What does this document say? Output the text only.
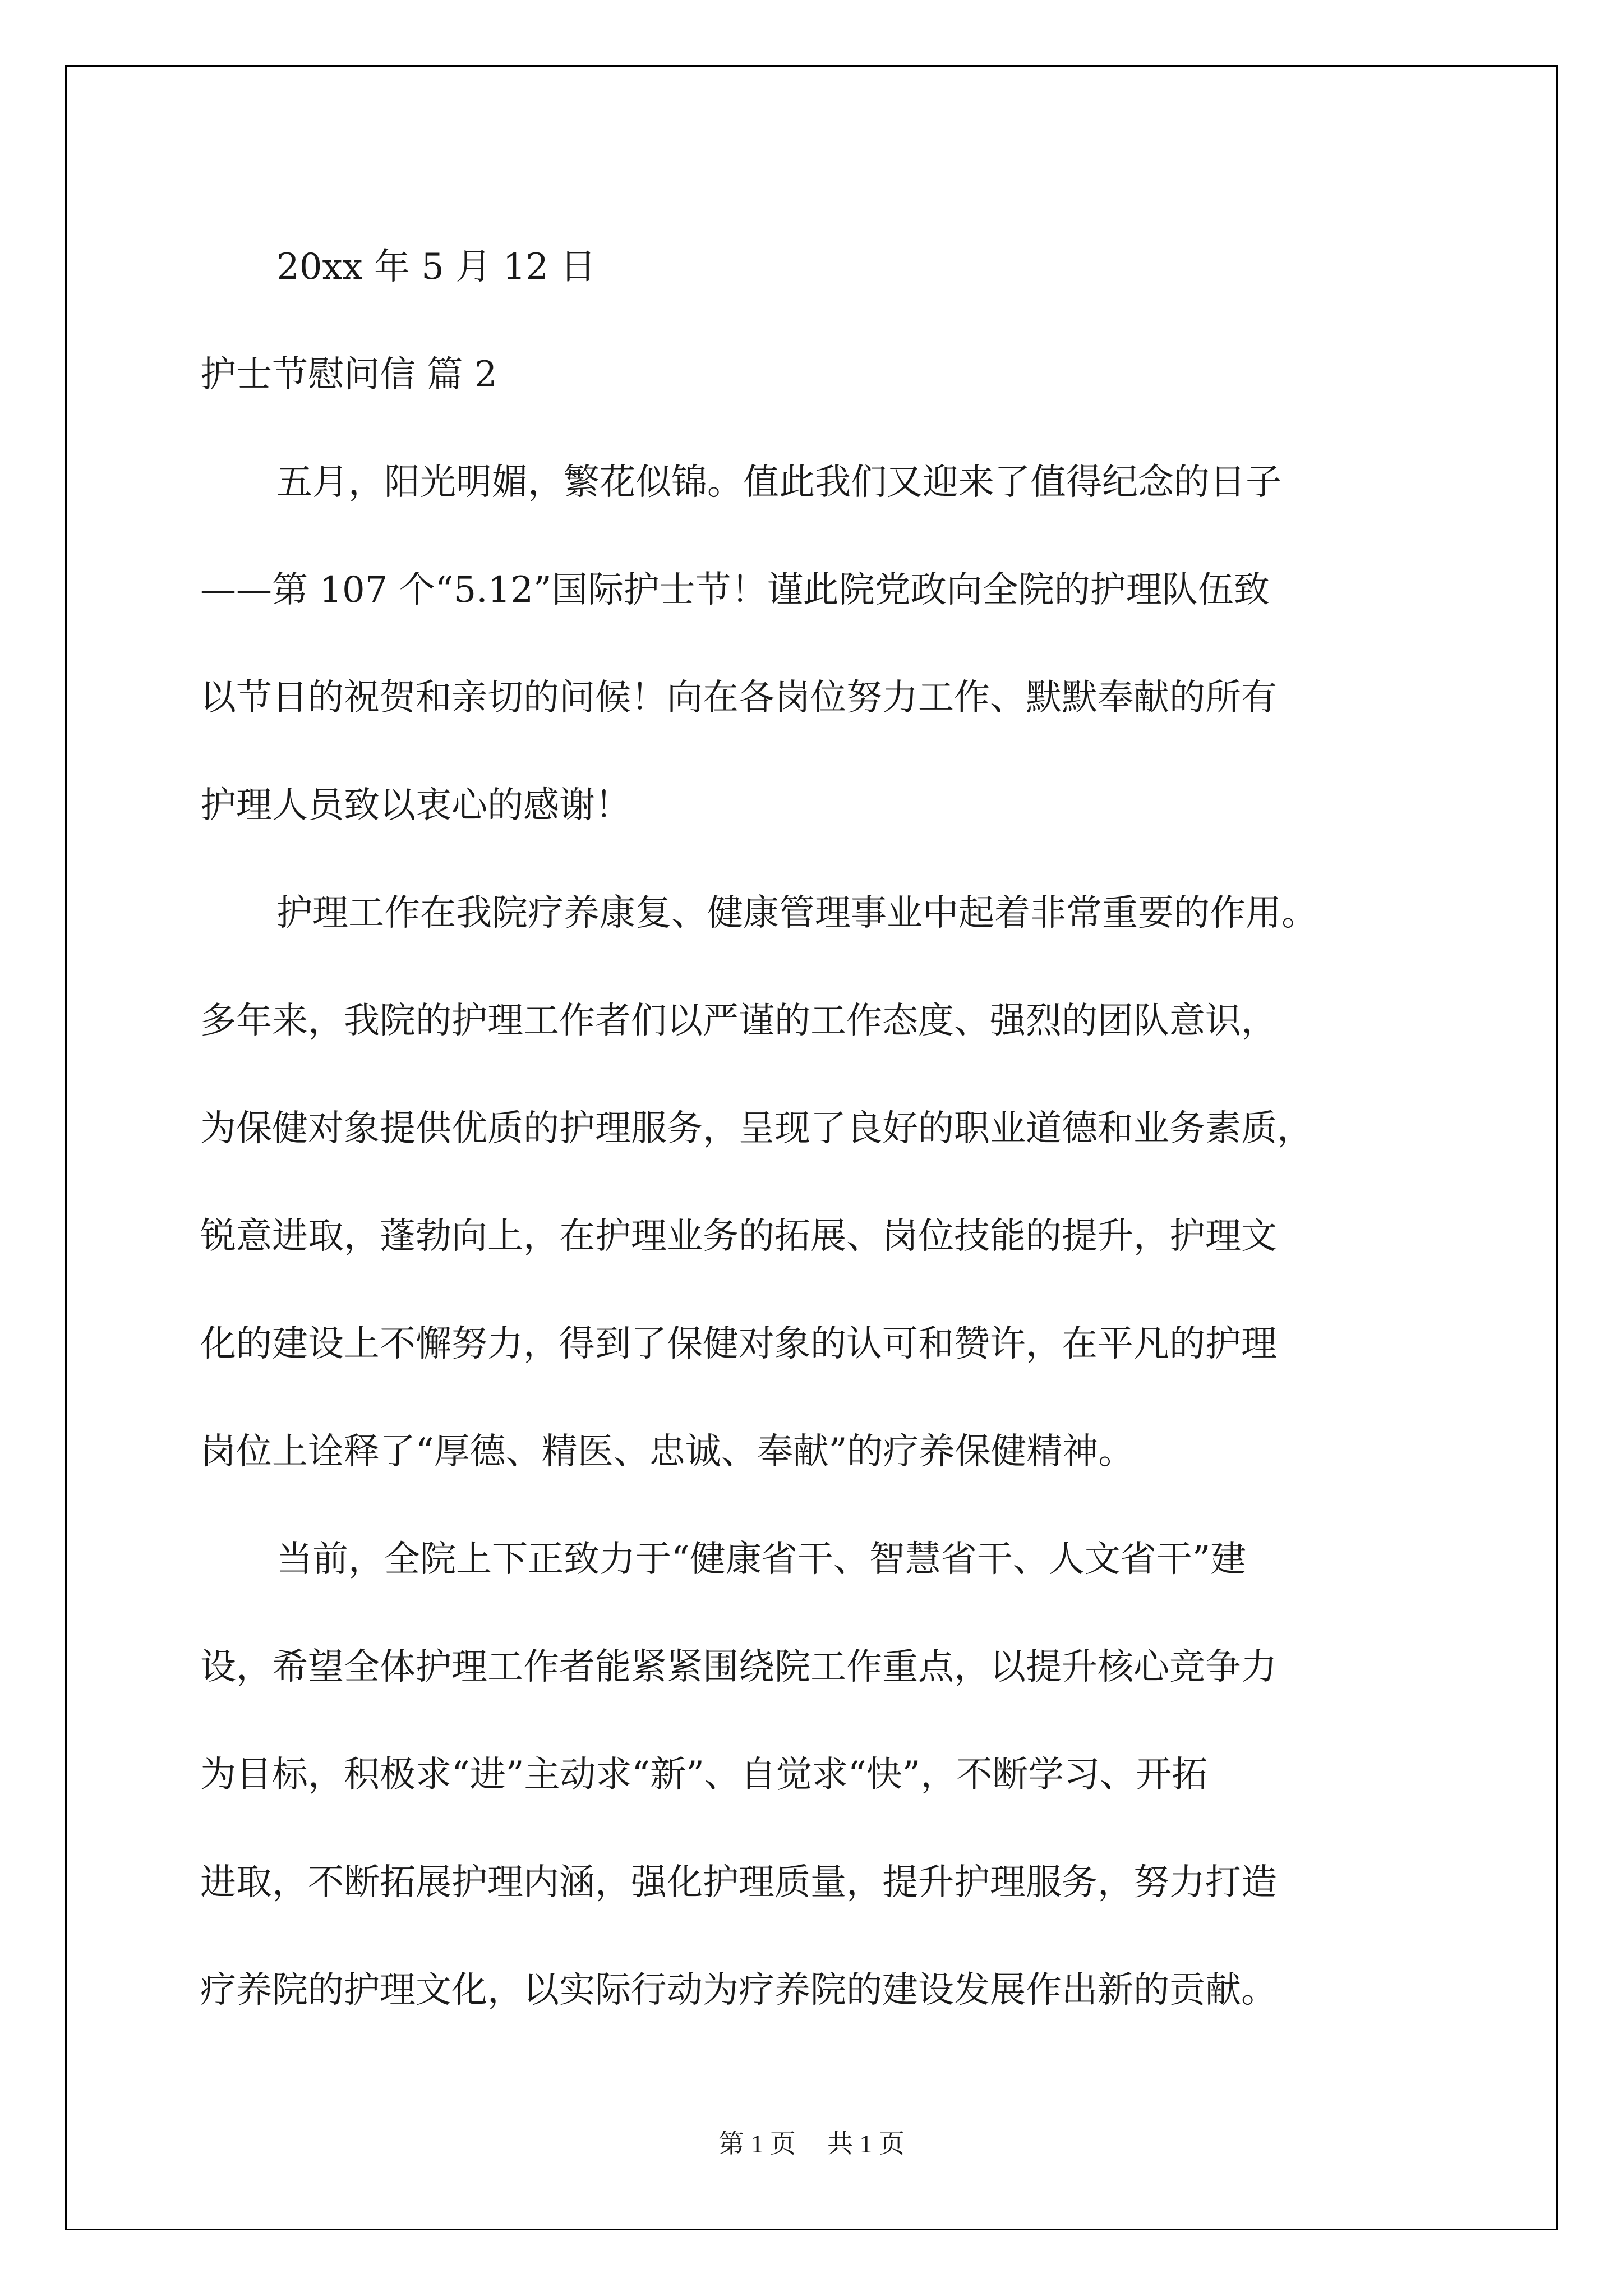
20xx 年 5 月 12 日
护士节慰问信 篇 2
五月，阳光明媚，繁花似锦。值此我们又迎来了值得纪念的日子
——第 107 个“5.12”国际护士节！谨此院党政向全院的护理队伍致
以节日的祝贺和亲切的问候！向在各岗位努力工作、默默奉献的所有
护理人员致以衷心的感谢！
护理工作在我院疗养康复、健康管理事业中起着非常重要的作用。
多年来，我院的护理工作者们以严谨的工作态度、强烈的团队意识，
为保健对象提供优质的护理服务，呈现了良好的职业道德和业务素质，
锐意进取，蓬勃向上，在护理业务的拓展、岗位技能的提升，护理文
化的建设上不懈努力，得到了保健对象的认可和赞许，在平凡的护理
岗位上诠释了“厚德、精医、忠诚、奉献”的疗养保健精神。
当前，全院上下正致力于“健康省干、智慧省干、人文省干”建
设，希望全体护理工作者能紧紧围绕院工作重点，以提升核心竞争力
为目标，积极求“进”主动求“新”、自觉求“快”，不断学习、开拓
进取，不断拓展护理内涵，强化护理质量，提升护理服务，努力打造
疗养院的护理文化，以实际行动为疗养院的建设发展作出新的贡献。
第 1 页 共 1 页
